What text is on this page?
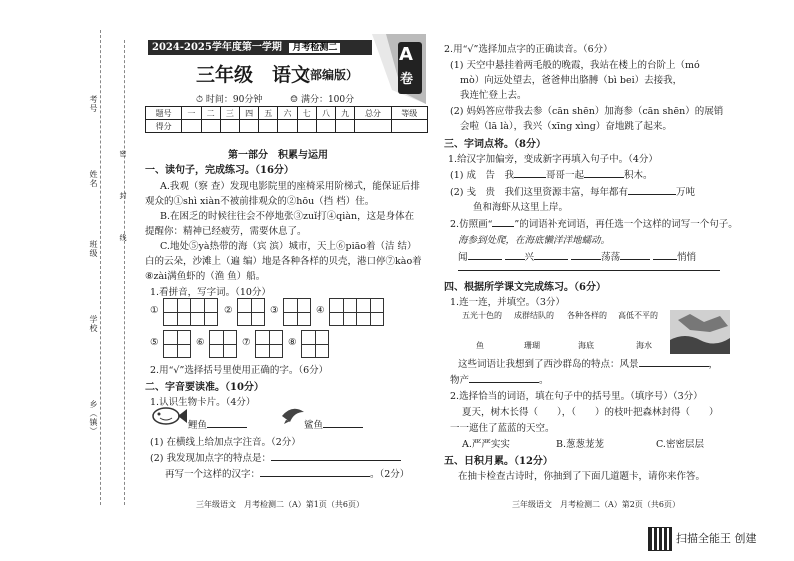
考号
姓名
班级
学校
乡（镇）
密　封　线
2024-2025学年度第一学期 月考检测二	A
卷
三年级　语文
（部编版）
⏱ 时间：90分钟	☺ 满分：100分
题号	一	二	三	四	五	六	七	八	九	总分	等级
得分											
第一部分　积累与运用
一、读句子，完成练习。（16分）
A.我观（察 查）发现电影院里的座椅采用阶梯式，能保证后排
观众的①shì xiàn不被前排观众的②hōu（挡 档）住。
B.在困乏的时候往往会不停地张③zuǐ打④qiàn，这是身体在
提醒你：精神已经疲劳，需要休息了。
C.地处⑤yà热带的海（宾 滨）城市，天上⑥piāo着（洁 结）
白的云朵，沙滩上（遍 编）地是各种各样的贝壳，港口停⑦kào着
⑧zài满鱼虾的（渔 鱼）船。
1.看拼音，写字词。（10分）
①	②	③	④
⑤	⑥	⑦	⑧
2.用“√”选择括号里使用正确的字。（6分）
二、字音要读准。（10分）
1.认识生物卡片。（4分）
鲤鱼	鲨鱼
(1) 在横线上给加点字注音。（2分）
(2) 我发现加点字的特点是：
再写一个这样的汉字：	。（2分）
三年级语文　月考检测二（A）第1页（共6页）
2.用“√”选择加点字的正确读音。（6分）
(1) 天空中悬挂着两毛般的晚霞，我站在楼上的台阶上（mó
mò）向远处望去，爸爸伸出胳膊（bì bei）去接我，
我连忙登上去。
(2) 妈妈答应带我去参（cān shēn）加海参（cān shēn）的展销
会啦（lā là），我兴（xīng xìng）奋地跳了起来。
三、字词点将。（8分）
1.给汉字加偏旁，变成新字再填入句子中。（4分）
(1) 成　告　我	哥哥一起	积木。
(2) 戋　贵　我们这里资源丰富，每年都有	万吨
鱼和海虾从这里上岸。
2.仿照画“ ”的词语补充词语，再任选一个这样的词写一个句子。
海参到处爬，在海底懒洋洋地蠕动。
闻	兴	荡荡	悄悄
四、根据所学课文完成练习。（6分）
1.连一连，并填空。（3分）
五光十色的 成群结队的 各种各样的 高低不平的
鱼	珊瑚	海底	海水
这些词语让我想到了西沙群岛的特点：风景	，
物产	。
2.选择恰当的词语，填在句子中的括号里。（填序号）（3分）
夏天，树木长得（　　），（　　）的枝叶把森林封得（　　）
一一遮住了蓝蓝的天空。
A.严严实实	B.葱葱茏茏	C.密密层层
五、日积月累。（12分）
在抽卡检查古诗时，你抽到了下面几道题卡，请你来作答。
三年级语文　月考检测二（A）第2页（共6页）
扫描全能王 创建
